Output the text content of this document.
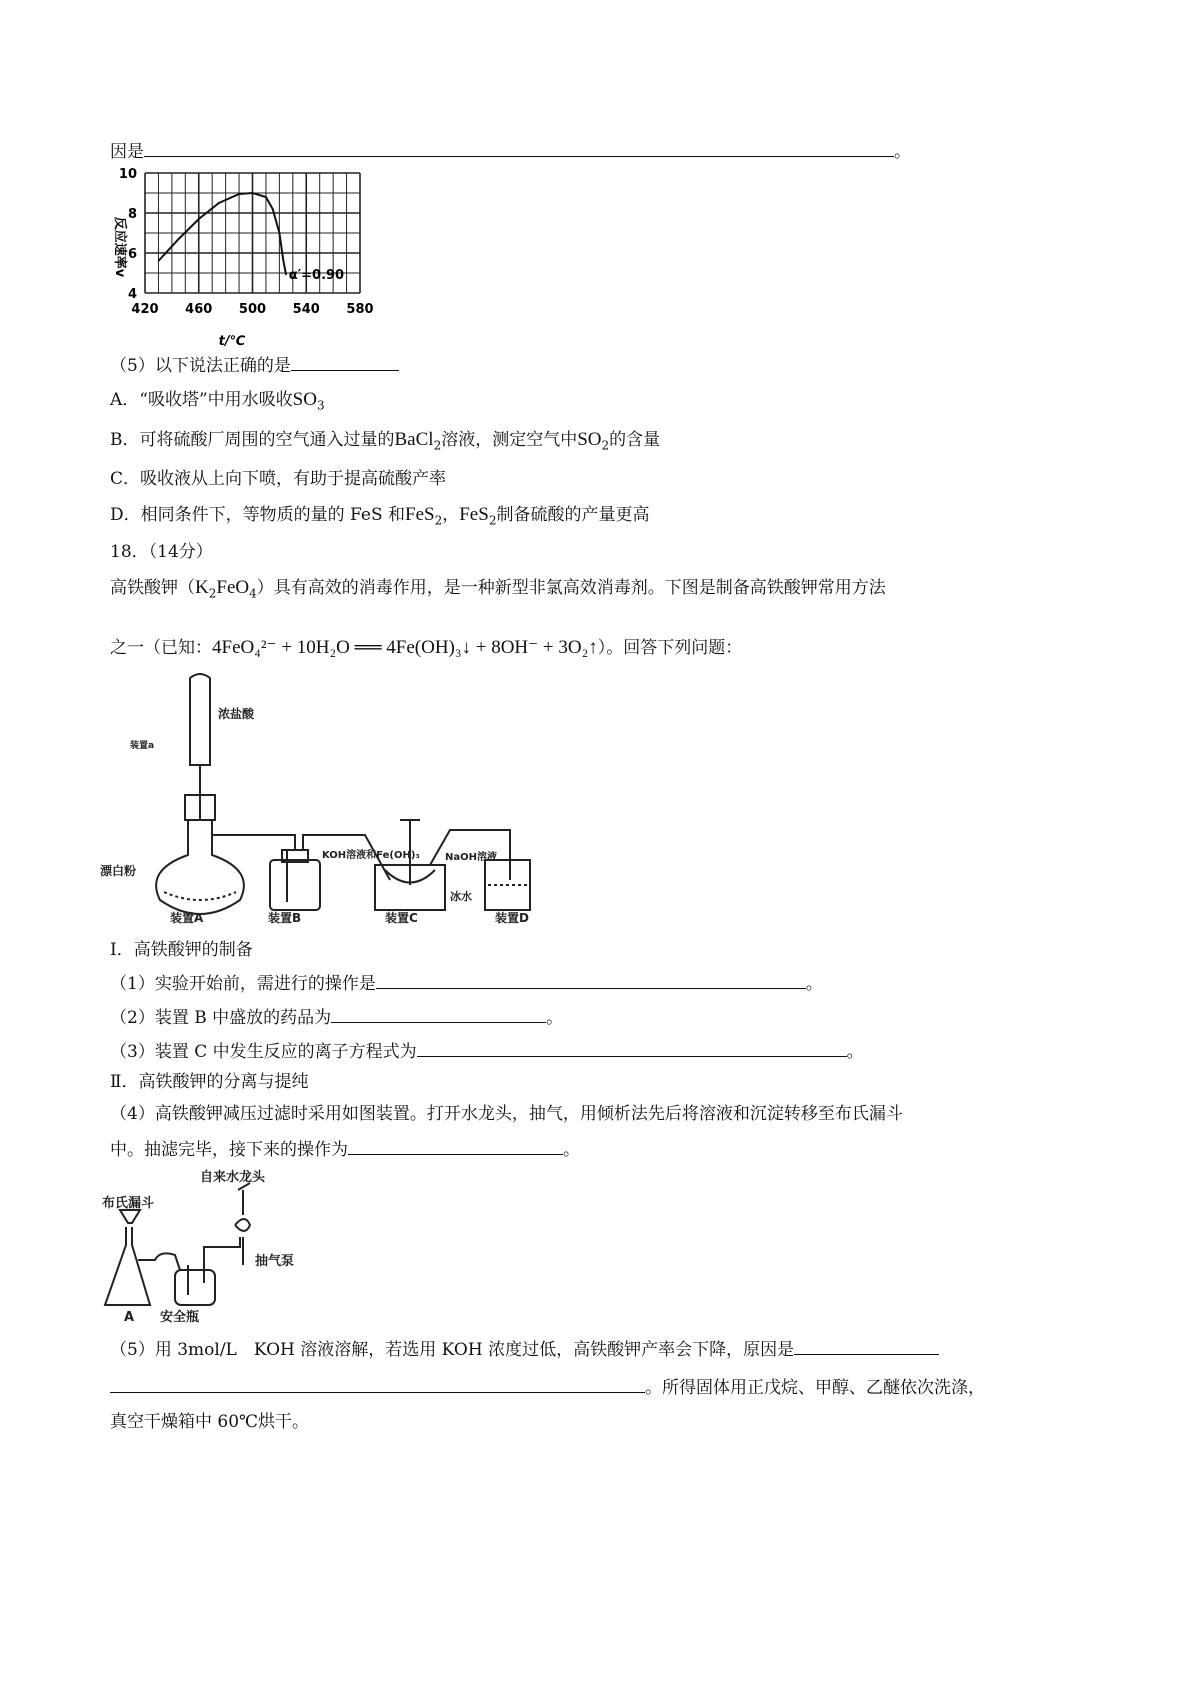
因是	。
420 460 500 540 580
4
6
8
10
α′=0.90
反应速率v
t/℃
（5）以下说法正确的是
A．“吸收塔”中用水吸收$SO_3$
B．可将硫酸厂周围的空气通入过量的BaCl$_2$溶液，测定空气中$SO_2$的含量
C．吸收液从上向下喷，有助于提高硫酸产率
D．相同条件下，等物质的量的 FeS 和FeS$_2$，FeS$_2$制备硫酸的产量更高
18．（14分）
高铁酸钾$(K_2FeO_4)$具有高效的消毒作用，是一种新型非氯高效消毒剂。下图是制备高铁酸钾常用方法
之一（已知：4FeO₄²⁻ + 10H₂O ══ 4Fe(OH)₃↓ + 8OH⁻ + 3O₂↑）。回答下列问题：
浓盐酸
装置a
漂白粉
装置A	装置B	装置C	装置D
KOH溶液和Fe(OH)₃	NaOH溶液
冰水
Ⅰ．高铁酸钾的制备
（1）实验开始前，需进行的操作是	。
（2）装置 B 中盛放的药品为	。
（3）装置 C 中发生反应的离子方程式为	。
Ⅱ．高铁酸钾的分离与提纯
（4）高铁酸钾减压过滤时采用如图装置。打开水龙头，抽气，用倾析法先后将溶液和沉淀转移至布氏漏斗
中。抽滤完毕，接下来的操作为	。
自来水龙头
布氏漏斗
抽气泵
A 安全瓶
（5）用 3mol/L　KOH 溶液溶解，若选用 KOH 浓度过低，高铁酸钾产率会下降，原因是
。所得固体用正戊烷、甲醇、乙醚依次洗涤，
真空干燥箱中 60℃烘干。
